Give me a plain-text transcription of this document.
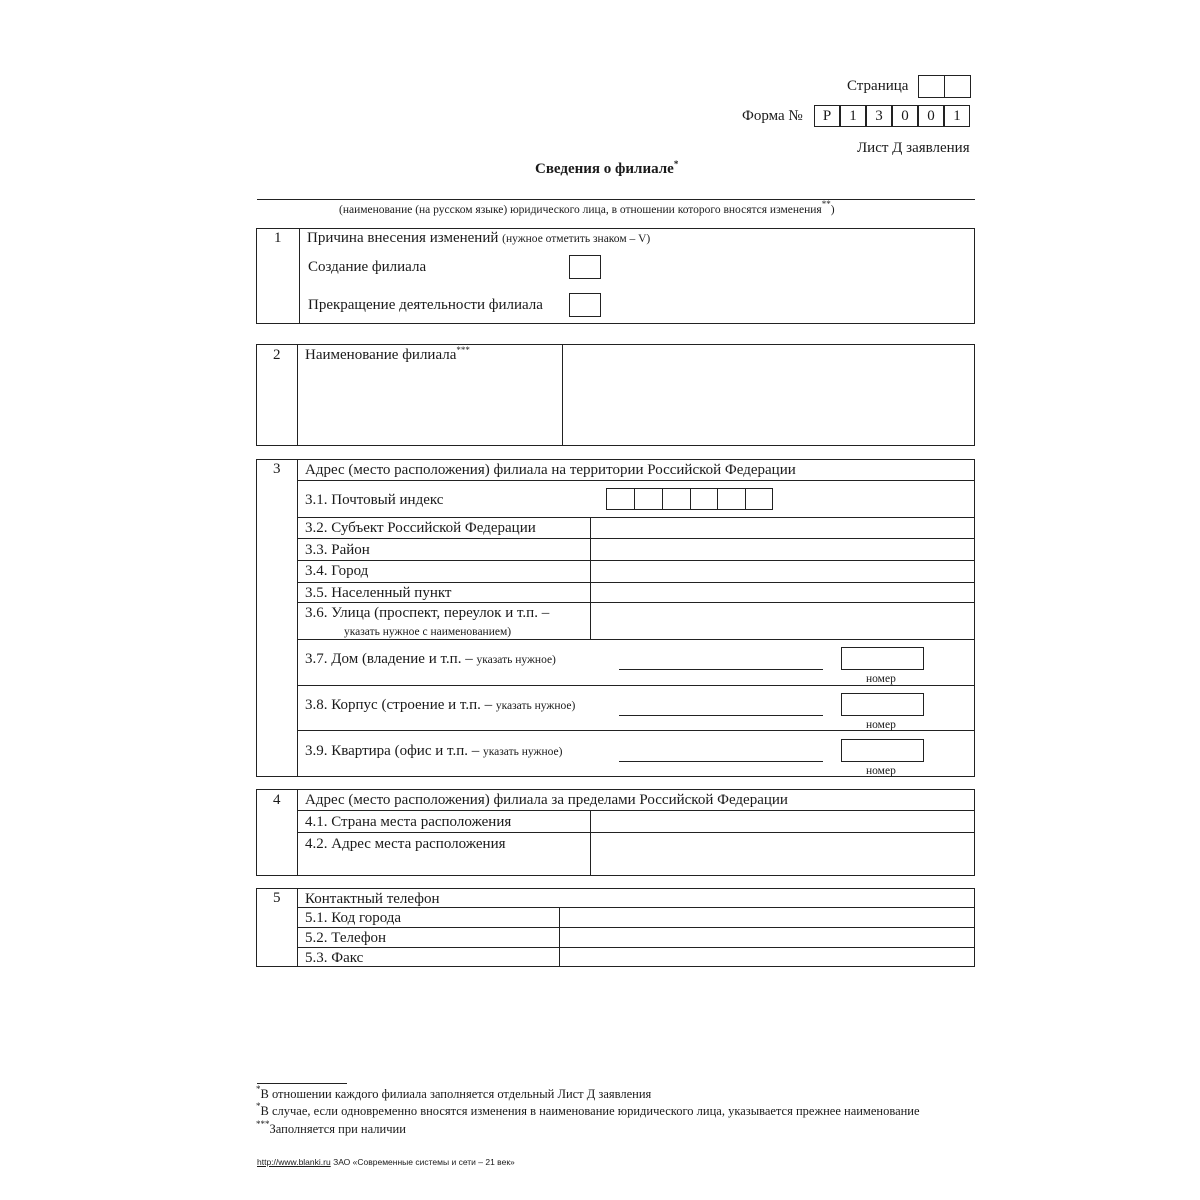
Страница
Форма №	Р	1	3	0	0	1
Лист Д заявления
Сведения о филиале*
(наименование (на русском языке) юридического лица, в отношении которого вносятся изменения**)
1 Причина внесения изменений (нужное отметить знаком – V)
Создание филиала
Прекращение деятельности филиала
2 Наименование филиала***
3 Адрес (место расположения) филиала на территории Российской Федерации
3.1. Почтовый индекс
3.2. Субъект Российской Федерации
3.3. Район
3.4. Город
3.5. Населенный пункт
3.6. Улица (проспект, переулок и т.п. –
указать нужное с наименованием)
3.7. Дом (владение и т.п. – указать нужное)
номер
3.8. Корпус (строение и т.п. – указать нужное)
номер
3.9. Квартира (офис и т.п. – указать нужное)
номер
4 Адрес (место расположения) филиала за пределами Российской Федерации
4.1. Страна места расположения
4.2. Адрес места расположения
5 Контактный телефон
5.1. Код города
5.2. Телефон
5.3. Факс
*В отношении каждого филиала заполняется отдельный Лист Д заявления
*В случае, если одновременно вносятся изменения в наименование юридического лица, указывается прежнее наименование
***Заполняется при наличии
http://www.blanki.ru ЗАО «Современные системы и сети – 21 век»
